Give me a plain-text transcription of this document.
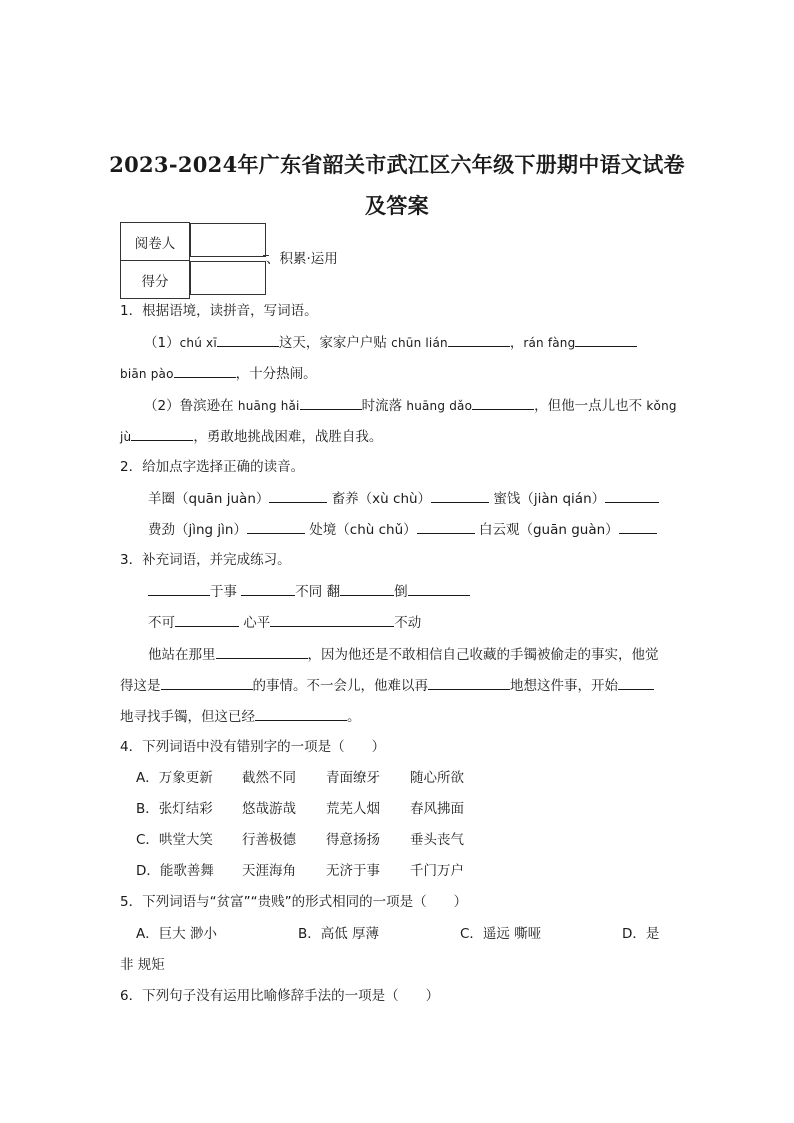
2023-2024年广东省韶关市武江区六年级下册期中语文试卷
及答案
阅卷人	
得分	
、积累·运用
1．根据语境，读拼音，写词语。
（1）chú xī	这天，家家户户贴 chūn lián	，rán fàng
biān pào	，十分热闹。
（2）鲁滨逊在 huāng hǎi	时流落 huāng dǎo	，但他一点儿也不 kǒng
jù	，勇敢地挑战困难，战胜自我。
2．给加点字选择正确的读音。
羊圈（quān juàn）	畜养（xù chù）	蜜饯（jiàn qián）
费劲（jìng jìn）	处境（chù chǔ）	白云观（guān guàn）
3．补充词语，并完成练习。
于事	不同 翻	倒
不可	心平	不动
他站在那里	，因为他还是不敢相信自己收藏的手镯被偷走的事实，他觉
得这是	的事情。不一会儿，他难以再	地想这件事，开始
地寻找手镯，但这已经	。
4．下列词语中没有错别字的一项是（　　）
A．万象更新 截然不同 青面缭牙 随心所欲
B．张灯结彩 悠哉游哉 荒芜人烟 春风拂面
C．哄堂大笑 行善极德 得意扬扬 垂头丧气
D．能歌善舞 天涯海角 无济于事 千门万户
5．下列词语与“贫富”“贵贱”的形式相同的一项是（　　）
A．巨大 渺小	B．高低 厚薄	C．遥远 嘶哑	D．是
非 规矩
6．下列句子没有运用比喻修辞手法的一项是（　　）
